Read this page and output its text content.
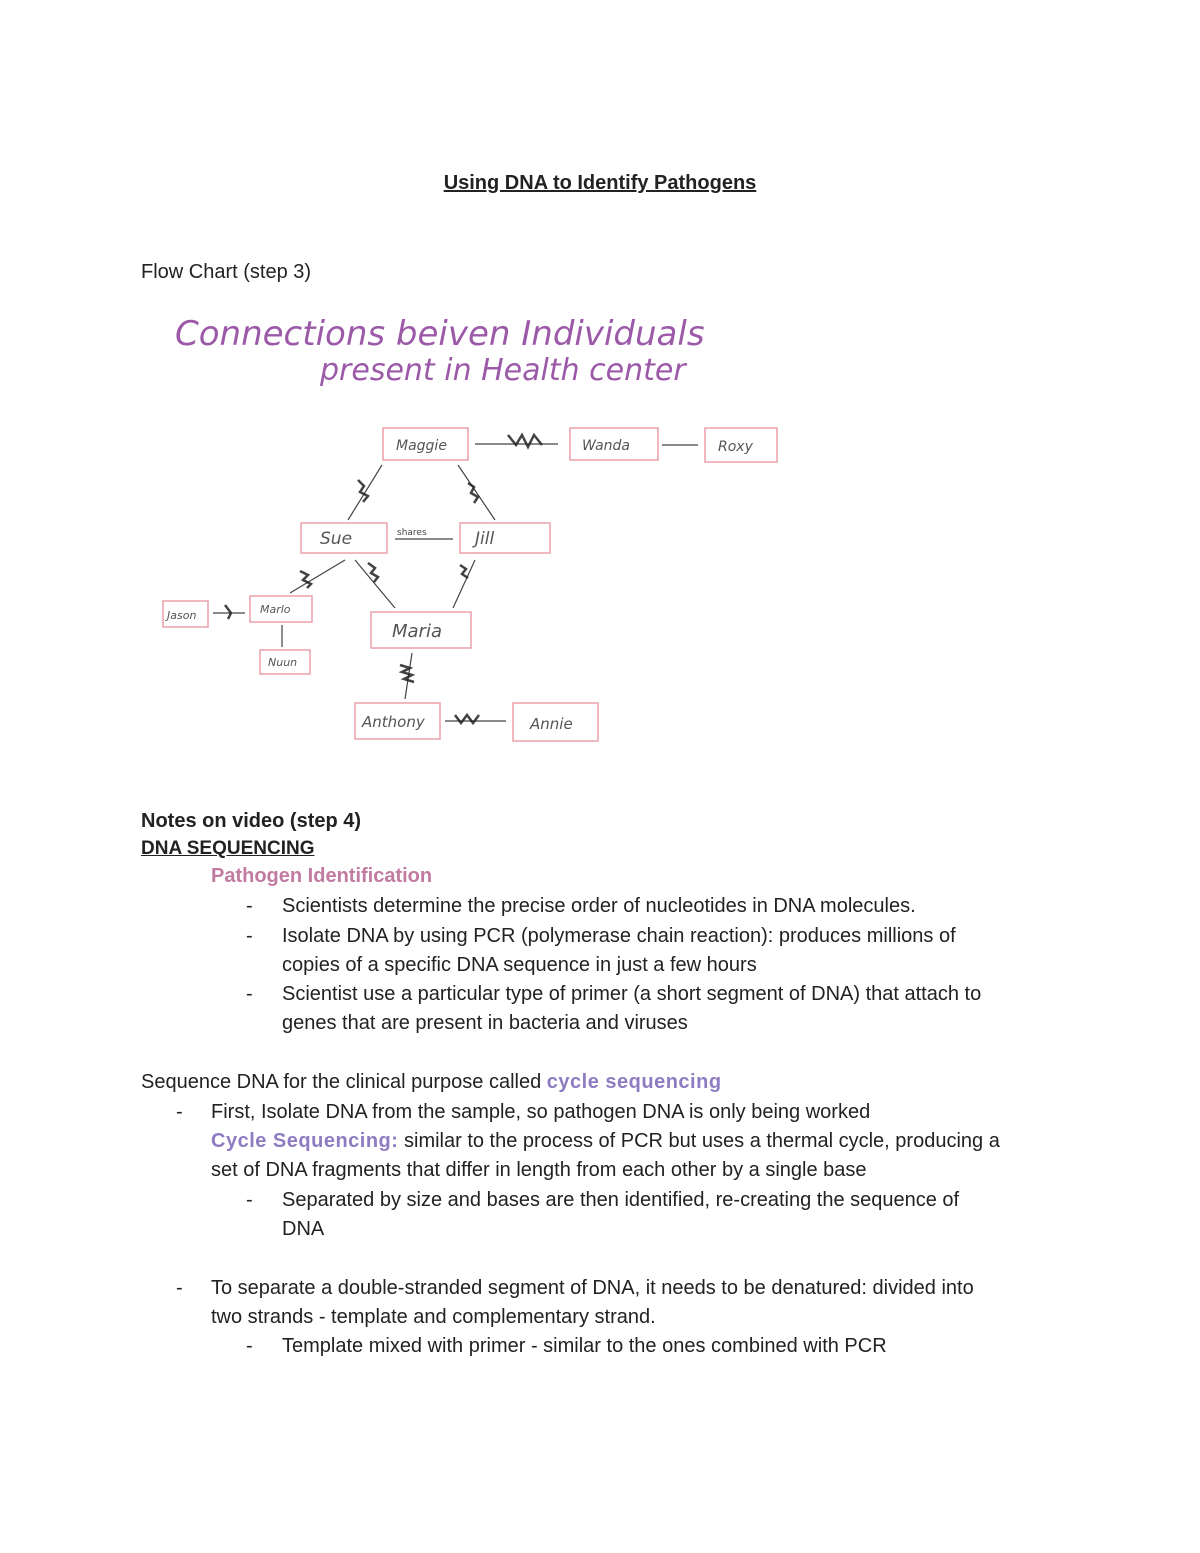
Using DNA to Identify Pathogens
Flow Chart (step 3)
Connections beiven Individuals
present in Health center
Maggie	Wanda	Roxy
Sue	Jill
Jason	Marlo
Nuun
Maria
Anthony	Annie
shares
Notes on video (step 4)
DNA SEQUENCING
Pathogen Identification
- Scientists determine the precise order of nucleotides in DNA molecules.
- Isolate DNA by using PCR (polymerase chain reaction): produces millions of
copies of a specific DNA sequence in just a few hours
- Scientist use a particular type of primer (a short segment of DNA) that attach to
genes that are present in bacteria and viruses
Sequence DNA for the clinical purpose called cycle sequencing
- First, Isolate DNA from the sample, so pathogen DNA is only being worked
Cycle Sequencing: similar to the process of PCR but uses a thermal cycle, producing a
set of DNA fragments that differ in length from each other by a single base
- Separated by size and bases are then identified, re-creating the sequence of
DNA
- To separate a double-stranded segment of DNA, it needs to be denatured: divided into
two strands - template and complementary strand.
- Template mixed with primer - similar to the ones combined with PCR
